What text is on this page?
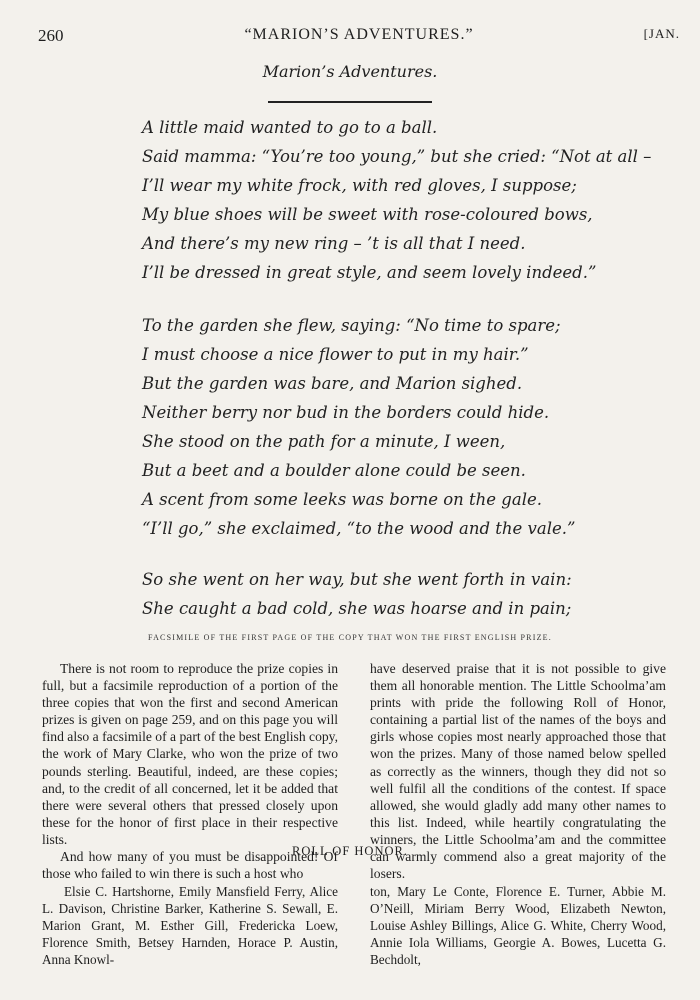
260	“MARION’S ADVENTURES.”	[JAN.
Marion’s Adventures.
A little maid wanted to go to a ball.
Said mamma: “You’re too young,” but she cried: “Not at all –
I’ll wear my white frock, with red gloves, I suppose;
My blue shoes will be sweet with rose-coloured bows,
And there’s my new ring – ’t is all that I need.
I’ll be dressed in great style, and seem lovely indeed.”
To the garden she flew, saying: “No time to spare;
I must choose a nice flower to put in my hair.”
But the garden was bare, and Marion sighed.
Neither berry nor bud in the borders could hide.
She stood on the path for a minute, I ween,
But a beet and a boulder alone could be seen.
A scent from some leeks was borne on the gale.
“I’ll go,” she exclaimed, “to the wood and the vale.”
So she went on her way, but she went forth in vain:
She caught a bad cold, she was hoarse and in pain;
FACSIMILE OF THE FIRST PAGE OF THE COPY THAT WON THE FIRST ENGLISH PRIZE.

There is not room to reproduce the prize copies in full, but a facsimile reproduction of a portion of the three copies that won the first and second American prizes is given on page 259, and on this page you will find also a facsimile of a part of the best English copy, the work of Mary Clarke, who won the prize of two pounds sterling. Beautiful, indeed, are these copies; and, to the credit of all concerned, let it be added that there were several others that pressed closely upon these for the honor of first place in their respective lists.

And how many of you must be disappointed! Of those who failed to win there is such a host who

have deserved praise that it is not possible to give them all honorable mention. The Little Schoolma’am prints with pride the following Roll of Honor, containing a partial list of the names of the boys and girls whose copies most nearly approached those that won the prizes. Many of those named below spelled as correctly as the winners, though they did not so well fulfil all the conditions of the contest. If space allowed, she would gladly add many other names to this list. Indeed, while heartily congratulating the winners, the Little Schoolma’am and the committee can warmly commend also a great majority of the losers.

ROLL OF HONOR.
Elsie C. Hartshorne, Emily Mansfield Ferry, Alice L. Davison, Christine Barker, Katherine S. Sewall, E. Marion Grant, M. Esther Gill, Fredericka Loew, Florence Smith, Betsey Harnden, Horace P. Austin, Anna Knowl-
ton, Mary Le Conte, Florence E. Turner, Abbie M. O’Neill, Miriam Berry Wood, Elizabeth Newton, Louise Ashley Billings, Alice G. White, Cherry Wood, Annie Iola Williams, Georgie A. Bowes, Lucetta G. Bechdolt,
